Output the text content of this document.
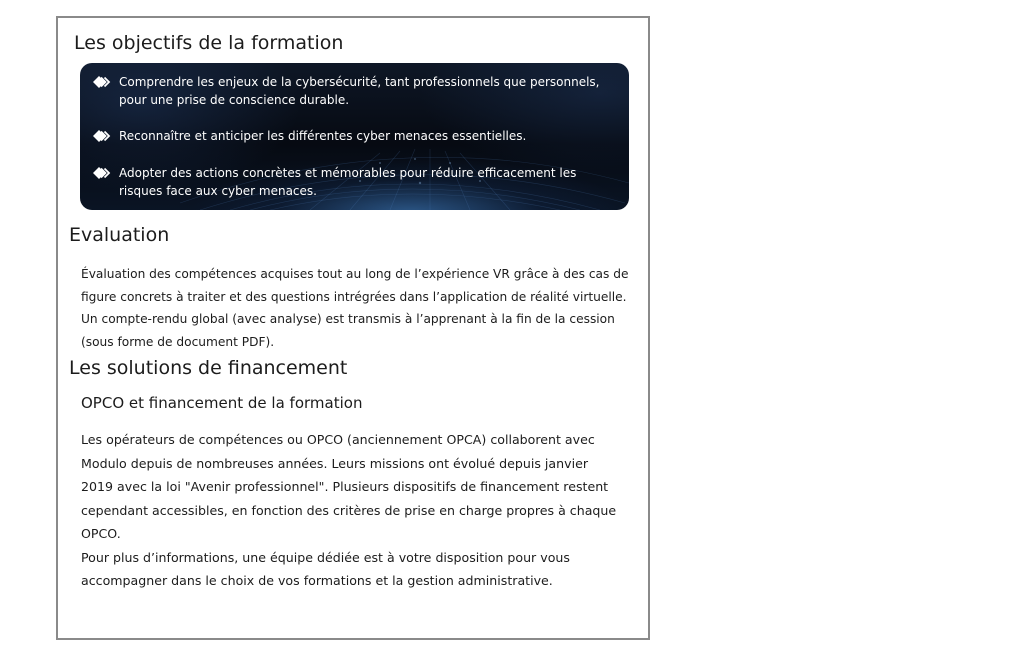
Les objectifs de la formation
Comprendre les enjeux de la cybersécurité, tant professionnels que personnels, pour une prise de conscience durable.
Reconnaître et anticiper les différentes cyber menaces essentielles.
Adopter des actions concrètes et mémorables pour réduire efficacement les risques face aux cyber menaces.
Evaluation
Évaluation des compétences acquises tout au long de l’expérience VR grâce à des cas de figure concrets à traiter et des questions intrégrées dans l’application de réalité virtuelle. Un compte-rendu global (avec analyse) est transmis à l’apprenant à la fin de la cession (sous forme de document PDF).
Les solutions de financement
OPCO et financement de la formation
Les opérateurs de compétences ou OPCO (anciennement OPCA) collaborent avec Modulo depuis de nombreuses années. Leurs missions ont évolué depuis janvier 2019 avec la loi "Avenir professionnel". Plusieurs dispositifs de financement restent cependant accessibles, en fonction des critères de prise en charge propres à chaque OPCO.
Pour plus d’informations, une équipe dédiée est à votre disposition pour vous accompagner dans le choix de vos formations et la gestion administrative.
